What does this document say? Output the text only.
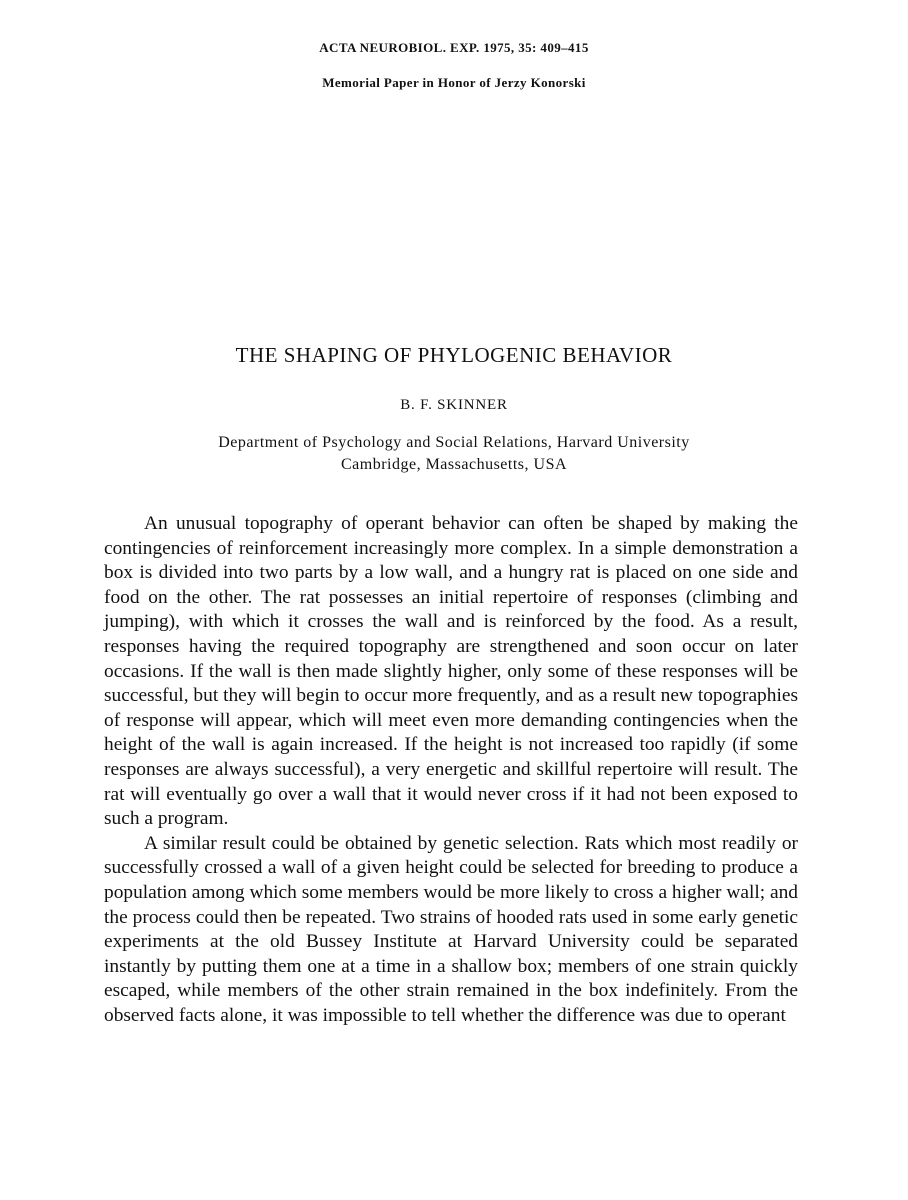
ACTA NEUROBIOL. EXP. 1975, 35: 409–415
Memorial Paper in Honor of Jerzy Konorski
THE SHAPING OF PHYLOGENIC BEHAVIOR
B. F. SKINNER
Department of Psychology and Social Relations, Harvard University
Cambridge, Massachusetts, USA

An unusual topography of operant behavior can often be shaped by making the contingencies of reinforcement increasingly more complex. In a simple demonstration a box is divided into two parts by a low wall, and a hungry rat is placed on one side and food on the other. The rat possesses an initial repertoire of responses (climbing and jumping), with which it crosses the wall and is reinforced by the food. As a result, responses having the required topography are strengthened and soon occur on later occasions. If the wall is then made slightly higher, only some of these responses will be successful, but they will begin to occur more frequently, and as a result new topographies of response will appear, which will meet even more demanding contingencies when the height of the wall is again increased. If the height is not increased too rapidly (if some responses are always successful), a very energetic and skillful repertoire will result. The rat will eventually go over a wall that it would never cross if it had not been exposed to such a program.

A similar result could be obtained by genetic selection. Rats which most readily or successfully crossed a wall of a given height could be selected for breeding to produce a population among which some members would be more likely to cross a higher wall; and the process could then be repeated. Two strains of hooded rats used in some early genetic experiments at the old Bussey Institute at Harvard University could be separated instantly by putting them one at a time in a shallow box; members of one strain quickly escaped, while members of the other strain remained in the box indefinitely. From the observed facts alone, it was impossible to tell whether the difference was due to operant
